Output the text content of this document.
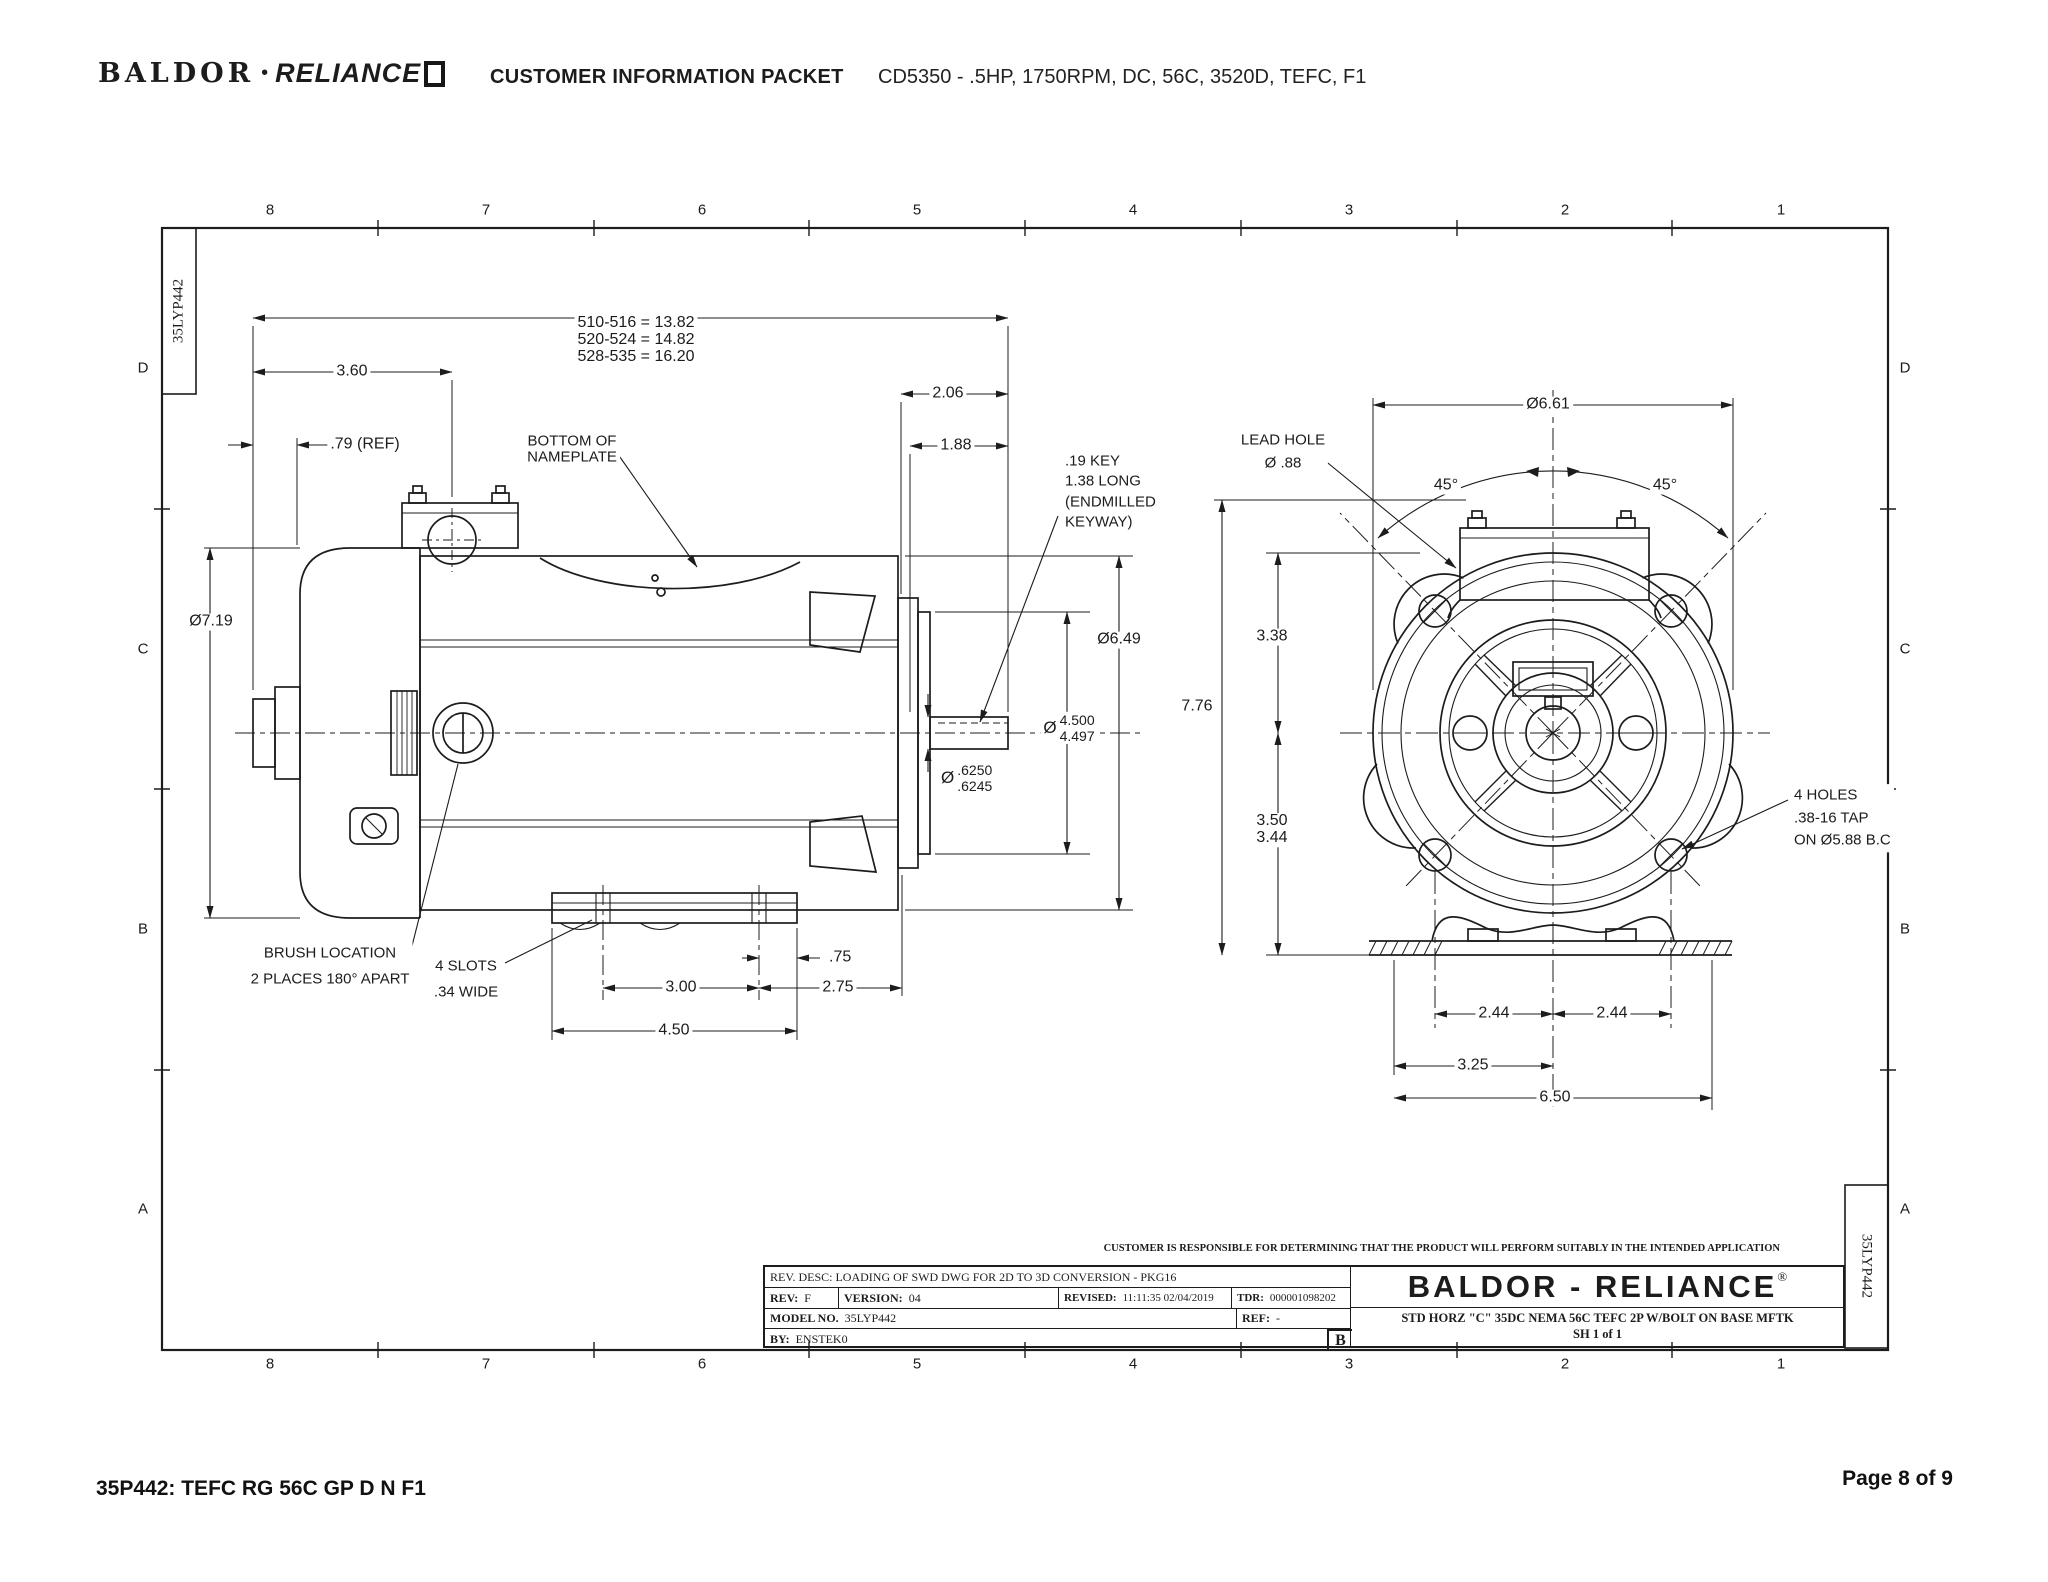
BALDOR • RELIANCE	CUSTOMER INFORMATION PACKET CD5350 - .5HP, 1750RPM, DC, 56C, 3520D, TEFC, F1
8	7	6	5	4	3	2	1
8	7	6	5	4	3	2	1
D
C
B
A
D
C
B
A
35LYP442
35LYP442
510-516 = 13.82
520-524 = 14.82
528-535 = 16.20
3.60
.79 (REF)	BOTTOM OF
NAMEPLATE
Ø7.19
2.06
1.88
.19 KEY
1.38 LONG
(ENDMILLED
KEYWAY)
Ø6.49
Ø 4.500
4.497
Ø .6250
.6245
BRUSH LOCATION
2 PLACES 180° APART
4 SLOTS
.34 WIDE	3.00
.75
2.75
4.50
LEAD HOLE
Ø .88
Ø6.61
45°	45°
3.38
7.76
3.50
3.44
4 HOLES
.38-16 TAP
ON Ø5.88 B.C
2.44	2.44
3.25
6.50
CUSTOMER IS RESPONSIBLE FOR DETERMINING THAT THE PRODUCT WILL PERFORM SUITABLY IN THE INTENDED APPLICATION
REV. DESC: LOADING OF SWD DWG FOR 2D TO 3D CONVERSION - PKG16
REV: F	VERSION: 04	REVISED: 11:11:35 02/04/2019 TDR: 000001098202
MODEL NO. 35LYP442	REF: -
BY: ENSTEK0	B
BALDOR - RELIANCE ®
STD HORZ "C" 35DC NEMA 56C TEFC 2P W/BOLT ON BASE MFTK
SH 1 of 1
35P442: TEFC RG 56C GP D N F1	Page 8 of 9
